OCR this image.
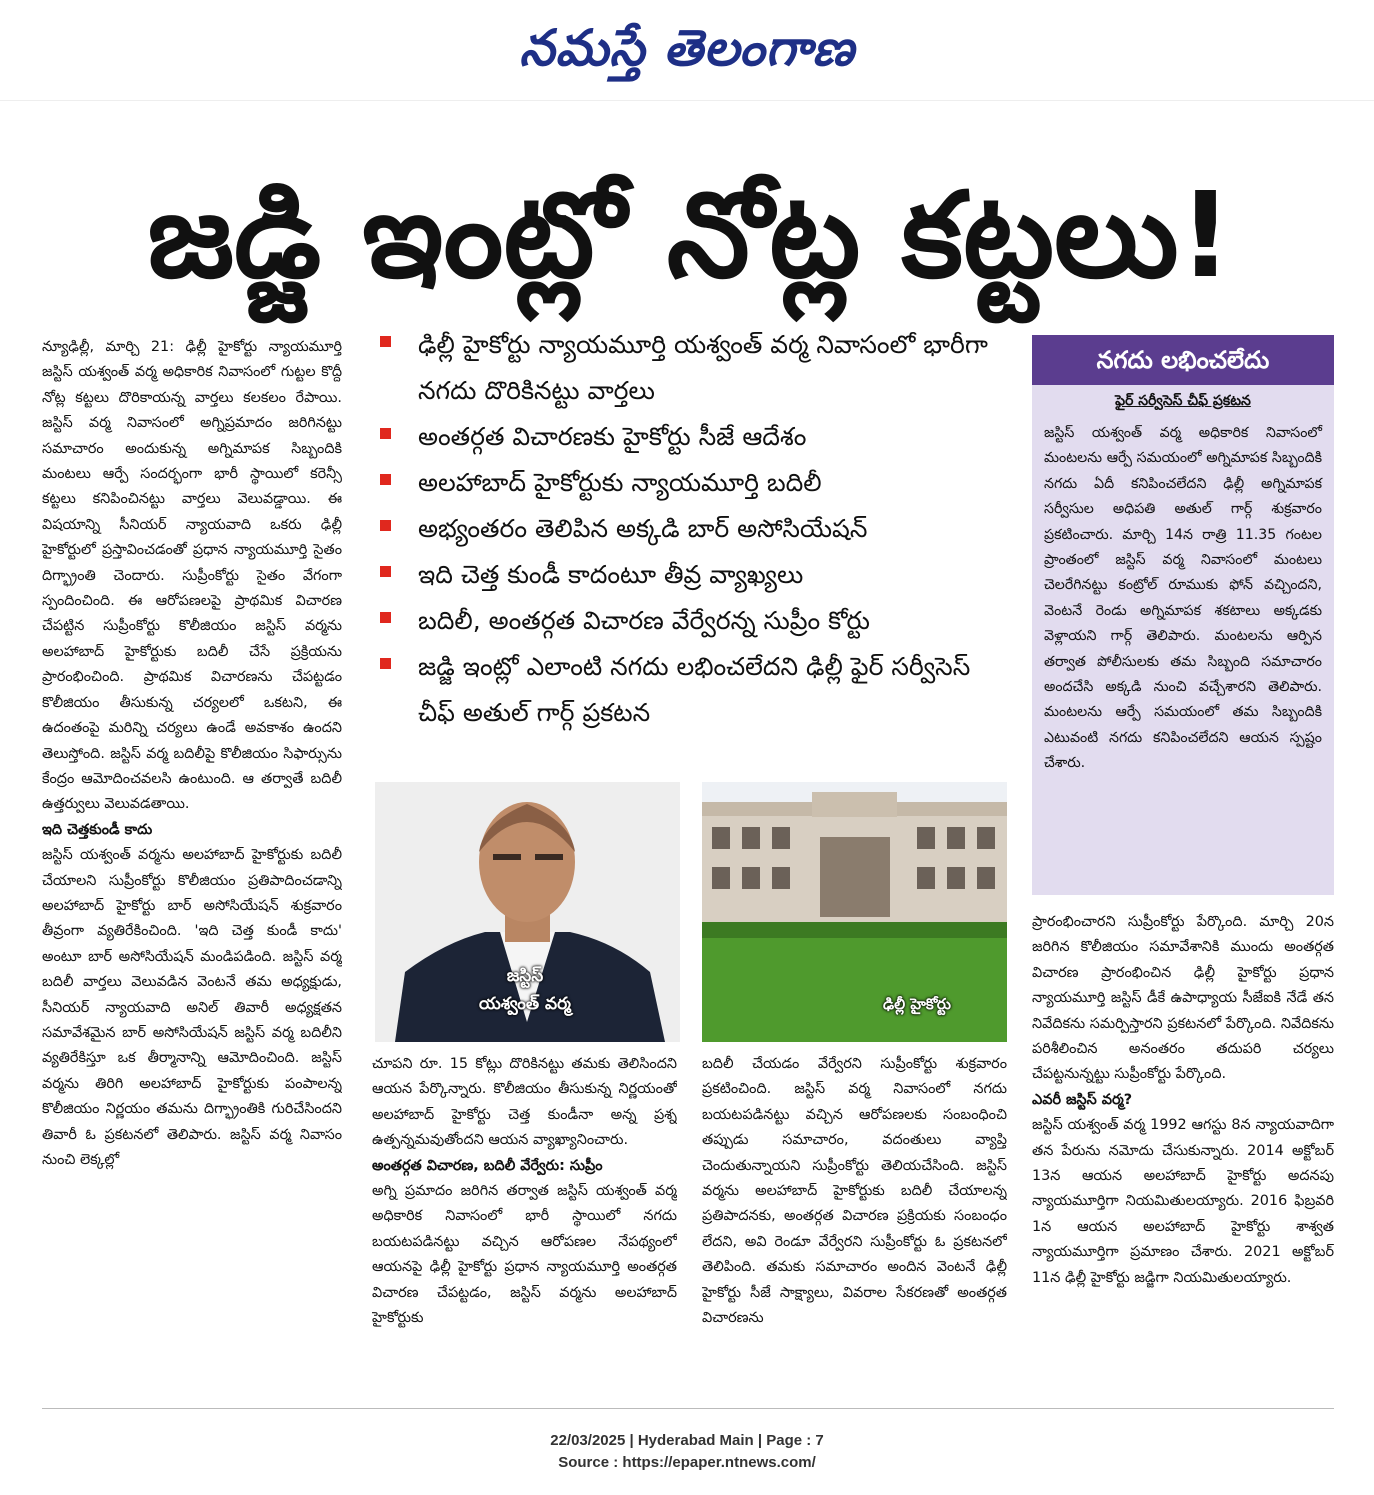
నమస్తే తెలంగాణ
జడ్జి ఇంట్లో నోట్ల కట్టలు!

న్యూఢిల్లీ, మార్చి 21: ఢిల్లీ హైకోర్టు న్యాయమూర్తి జస్టిస్ యశ్వంత్ వర్మ అధికారిక నివాసంలో గుట్టల కొద్దీ నోట్ల కట్టలు దొరికాయన్న వార్తలు కలకలం రేపాయి. జస్టిస్ వర్మ నివాసంలో అగ్నిప్రమాదం జరిగినట్టు సమాచారం అందుకున్న అగ్నిమాపక సిబ్బందికి మంటలు ఆర్పే సందర్భంగా భారీ స్థాయిలో కరెన్సీ కట్టలు కనిపించినట్టు వార్తలు వెలువడ్డాయి. ఈ విషయాన్ని సీనియర్ న్యాయవాది ఒకరు ఢిల్లీ హైకోర్టులో ప్రస్తావించడంతో ప్రధాన న్యాయమూర్తి సైతం దిగ్భ్రాంతి చెందారు. సుప్రీంకోర్టు సైతం వేగంగా స్పందించింది. ఈ ఆరోపణలపై ప్రాథమిక విచారణ చేపట్టిన సుప్రీంకోర్టు కొలీజియం జస్టిస్ వర్మను అలహాబాద్ హైకోర్టుకు బదిలీ చేసే ప్రక్రియను ప్రారంభించింది. ప్రాథమిక విచారణను చేపట్టడం కొలీజియం తీసుకున్న చర్యలలో ఒకటని, ఈ ఉదంతంపై మరిన్ని చర్యలు ఉండే అవకాశం ఉందని తెలుస్తోంది. జస్టిస్ వర్మ బదిలీపై కొలీజియం సిఫార్సును కేంద్రం ఆమోదించవలసి ఉంటుంది. ఆ తర్వాతే బదిలీ ఉత్తర్వులు వెలువడతాయి.

ఇది చెత్తకుండీ కాదు

జస్టిస్ యశ్వంత్ వర్మను అలహాబాద్ హైకోర్టుకు బదిలీ చేయాలని సుప్రీంకోర్టు కొలీజియం ప్రతిపాదించడాన్ని అలహాబాద్ హైకోర్టు బార్ అసోసియేషన్ శుక్రవారం తీవ్రంగా వ్యతిరేకించింది. 'ఇది చెత్త కుండీ కాదు' అంటూ బార్ అసోసియేషన్ మండిపడింది. జస్టిస్ వర్మ బదిలీ వార్తలు వెలువడిన వెంటనే తమ అధ్యక్షుడు, సీనియర్ న్యాయవాది అనిల్ తివారీ అధ్యక్షతన సమావేశమైన బార్ అసోసియేషన్ జస్టిస్ వర్మ బదిలీని వ్యతిరేకిస్తూ ఒక తీర్మానాన్ని ఆమోదించింది. జస్టిస్ వర్మను తిరిగి అలహాబాద్ హైకోర్టుకు పంపాలన్న కొలీజియం నిర్ణయం తమను దిగ్భ్రాంతికి గురిచేసిందని తివారీ ఓ ప్రకటనలో తెలిపారు. జస్టిస్ వర్మ నివాసం నుంచి లెక్కల్లో

ఢిల్లీ హైకోర్టు న్యాయమూర్తి యశ్వంత్ వర్మ నివాసంలో భారీగా నగదు దొరికినట్టు వార్తలు
అంతర్గత విచారణకు హైకోర్టు సీజే ఆదేశం
అలహాబాద్ హైకోర్టుకు న్యాయమూర్తి బదిలీ
అభ్యంతరం తెలిపిన అక్కడి బార్ అసోసియేషన్
ఇది చెత్త కుండీ కాదంటూ తీవ్ర వ్యాఖ్యలు
బదిలీ, అంతర్గత విచారణ వేర్వేరన్న సుప్రీం కోర్టు
జడ్జి ఇంట్లో ఎలాంటి నగదు లభించలేదని ఢిల్లీ ఫైర్ సర్వీసెస్ చీఫ్ అతుల్ గార్గ్ ప్రకటన
జస్టిస్
యశ్వంత్ వర్మ	ఢిల్లీ హైకోర్టు

చూపని రూ. 15 కోట్లు దొరికినట్టు తమకు తెలిసిందని ఆయన పేర్కొన్నారు. కొలీజియం తీసుకున్న నిర్ణయంతో అలహాబాద్ హైకోర్టు చెత్త కుండీనా అన్న ప్రశ్న ఉత్పన్నమవుతోందని ఆయన వ్యాఖ్యానించారు.

అంతర్గత విచారణ, బదిలీ వేర్వేరు: సుప్రీం

అగ్ని ప్రమాదం జరిగిన తర్వాత జస్టిస్ యశ్వంత్ వర్మ అధికారిక నివాసంలో భారీ స్థాయిలో నగదు బయటపడినట్టు వచ్చిన ఆరోపణల నేపథ్యంలో ఆయనపై ఢిల్లీ హైకోర్టు ప్రధాన న్యాయమూర్తి అంతర్గత విచారణ చేపట్టడం, జస్టిస్ వర్మను అలహాబాద్ హైకోర్టుకు

బదిలీ చేయడం వేర్వేరని సుప్రీంకోర్టు శుక్రవారం ప్రకటించింది. జస్టిస్ వర్మ నివాసంలో నగదు బయటపడినట్టు వచ్చిన ఆరోపణలకు సంబంధించి తప్పుడు సమాచారం, వదంతులు వ్యాప్తి చెందుతున్నాయని సుప్రీంకోర్టు తెలియచేసింది. జస్టిస్ వర్మను అలహాబాద్ హైకోర్టుకు బదిలీ చేయాలన్న ప్రతిపాదనకు, అంతర్గత విచారణ ప్రక్రియకు సంబంధం లేదని, అవి రెండూ వేర్వేరని సుప్రీంకోర్టు ఓ ప్రకటనలో తెలిపింది. తమకు సమాచారం అందిన వెంటనే ఢిల్లీ హైకోర్టు సీజే సాక్ష్యాలు, వివరాల సేకరణతో అంతర్గత విచారణను

నగదు లభించలేదు
ఫైర్ సర్వీసెస్ చీఫ్ ప్రకటన
జస్టిస్ యశ్వంత్ వర్మ అధికారిక నివాసంలో మంటలను ఆర్పే సమయంలో అగ్నిమాపక సిబ్బందికి నగదు ఏదీ కనిపించలేదని ఢిల్లీ అగ్నిమాపక సర్వీసుల అధిపతి అతుల్ గార్గ్ శుక్రవారం ప్రకటించారు. మార్చి 14న రాత్రి 11.35 గంటల ప్రాంతంలో జస్టిస్ వర్మ నివాసంలో మంటలు చెలరేగినట్టు కంట్రోల్ రూముకు ఫోన్ వచ్చిందని, వెంటనే రెండు అగ్నిమాపక శకటాలు అక్కడకు వెళ్లాయని గార్గ్ తెలిపారు. మంటలను ఆర్పిన తర్వాత పోలీసులకు తమ సిబ్బంది సమాచారం అందచేసి అక్కడి నుంచి వచ్చేశారని తెలిపారు. మంటలను ఆర్పే సమయంలో తమ సిబ్బందికి ఎటువంటి నగదు కనిపించలేదని ఆయన స్పష్టం చేశారు.

ప్రారంభించారని సుప్రీంకోర్టు పేర్కొంది. మార్చి 20న జరిగిన కొలీజియం సమావేశానికి ముందు అంతర్గత విచారణ ప్రారంభించిన ఢిల్లీ హైకోర్టు ప్రధాన న్యాయమూర్తి జస్టిస్ డీకే ఉపాధ్యాయ సీజేఐకి నేడే తన నివేదికను సమర్పిస్తారని ప్రకటనలో పేర్కొంది. నివేదికను పరిశీలించిన అనంతరం తదుపరి చర్యలు చేపట్టనున్నట్టు సుప్రీంకోర్టు పేర్కొంది.

ఎవరీ జస్టిస్ వర్మ?

జస్టిస్ యశ్వంత్ వర్మ 1992 ఆగస్టు 8న న్యాయవాదిగా తన పేరును నమోదు చేసుకున్నారు. 2014 అక్టోబర్ 13న ఆయన అలహాబాద్ హైకోర్టు అదనపు న్యాయమూర్తిగా నియమితులయ్యారు. 2016 ఫిబ్రవరి 1న ఆయన అలహాబాద్ హైకోర్టు శాశ్వత న్యాయమూర్తిగా ప్రమాణం చేశారు. 2021 అక్టోబర్ 11న ఢిల్లీ హైకోర్టు జడ్జిగా నియమితులయ్యారు.

22/03/2025 | Hyderabad Main | Page : 7
Source : https://epaper.ntnews.com/
